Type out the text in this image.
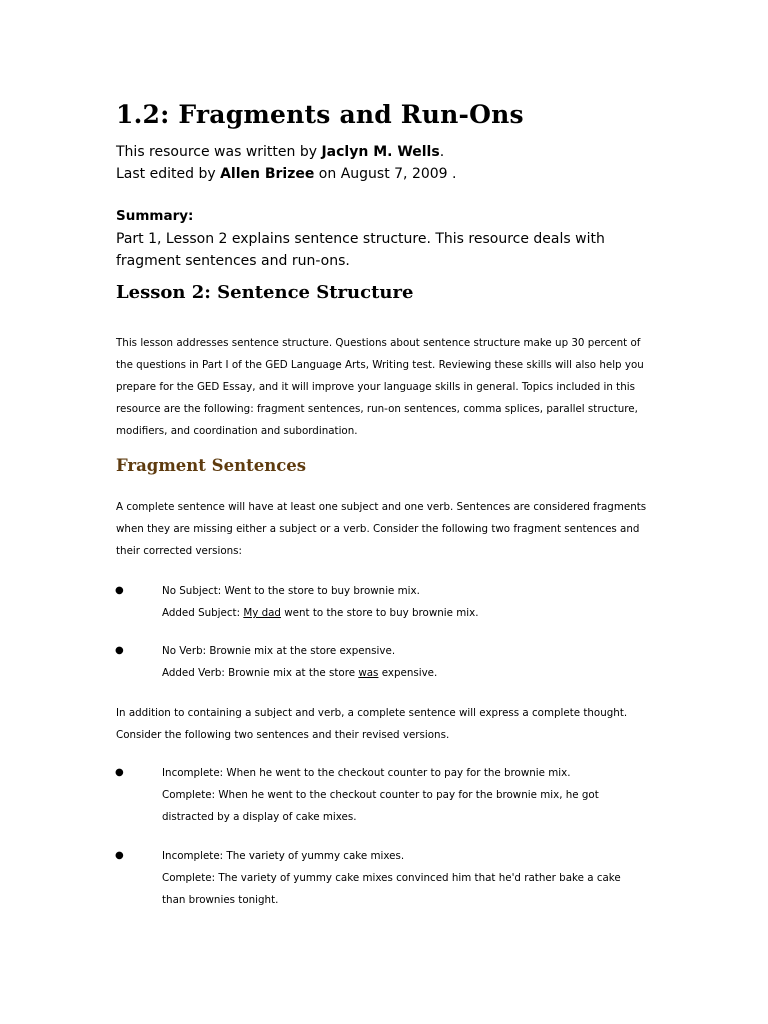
1.2: Fragments and Run-Ons
This resource was written by Jaclyn M. Wells.
Last edited by Allen Brizee on August 7, 2009 .
Summary:
Part 1, Lesson 2 explains sentence structure. This resource deals with fragment sentences and run-ons.
Lesson 2: Sentence Structure
This lesson addresses sentence structure. Questions about sentence structure make up 30 percent of the questions in Part I of the GED Language Arts, Writing test. Reviewing these skills will also help you prepare for the GED Essay, and it will improve your language skills in general. Topics included in this resource are the following: fragment sentences, run-on sentences, comma splices, parallel structure, modifiers, and coordination and subordination.
Fragment Sentences
A complete sentence will have at least one subject and one verb. Sentences are considered fragments when they are missing either a subject or a verb. Consider the following two fragment sentences and their corrected versions:
●	No Subject: Went to the store to buy brownie mix.
Added Subject: My dad went to the store to buy brownie mix.
●	No Verb: Brownie mix at the store expensive.
Added Verb: Brownie mix at the store was expensive.
In addition to containing a subject and verb, a complete sentence will express a complete thought. Consider the following two sentences and their revised versions.
●	Incomplete: When he went to the checkout counter to pay for the brownie mix.
Complete: When he went to the checkout counter to pay for the brownie mix, he got distracted by a display of cake mixes.
●	Incomplete: The variety of yummy cake mixes.
Complete: The variety of yummy cake mixes convinced him that he'd rather bake a cake than brownies tonight.
